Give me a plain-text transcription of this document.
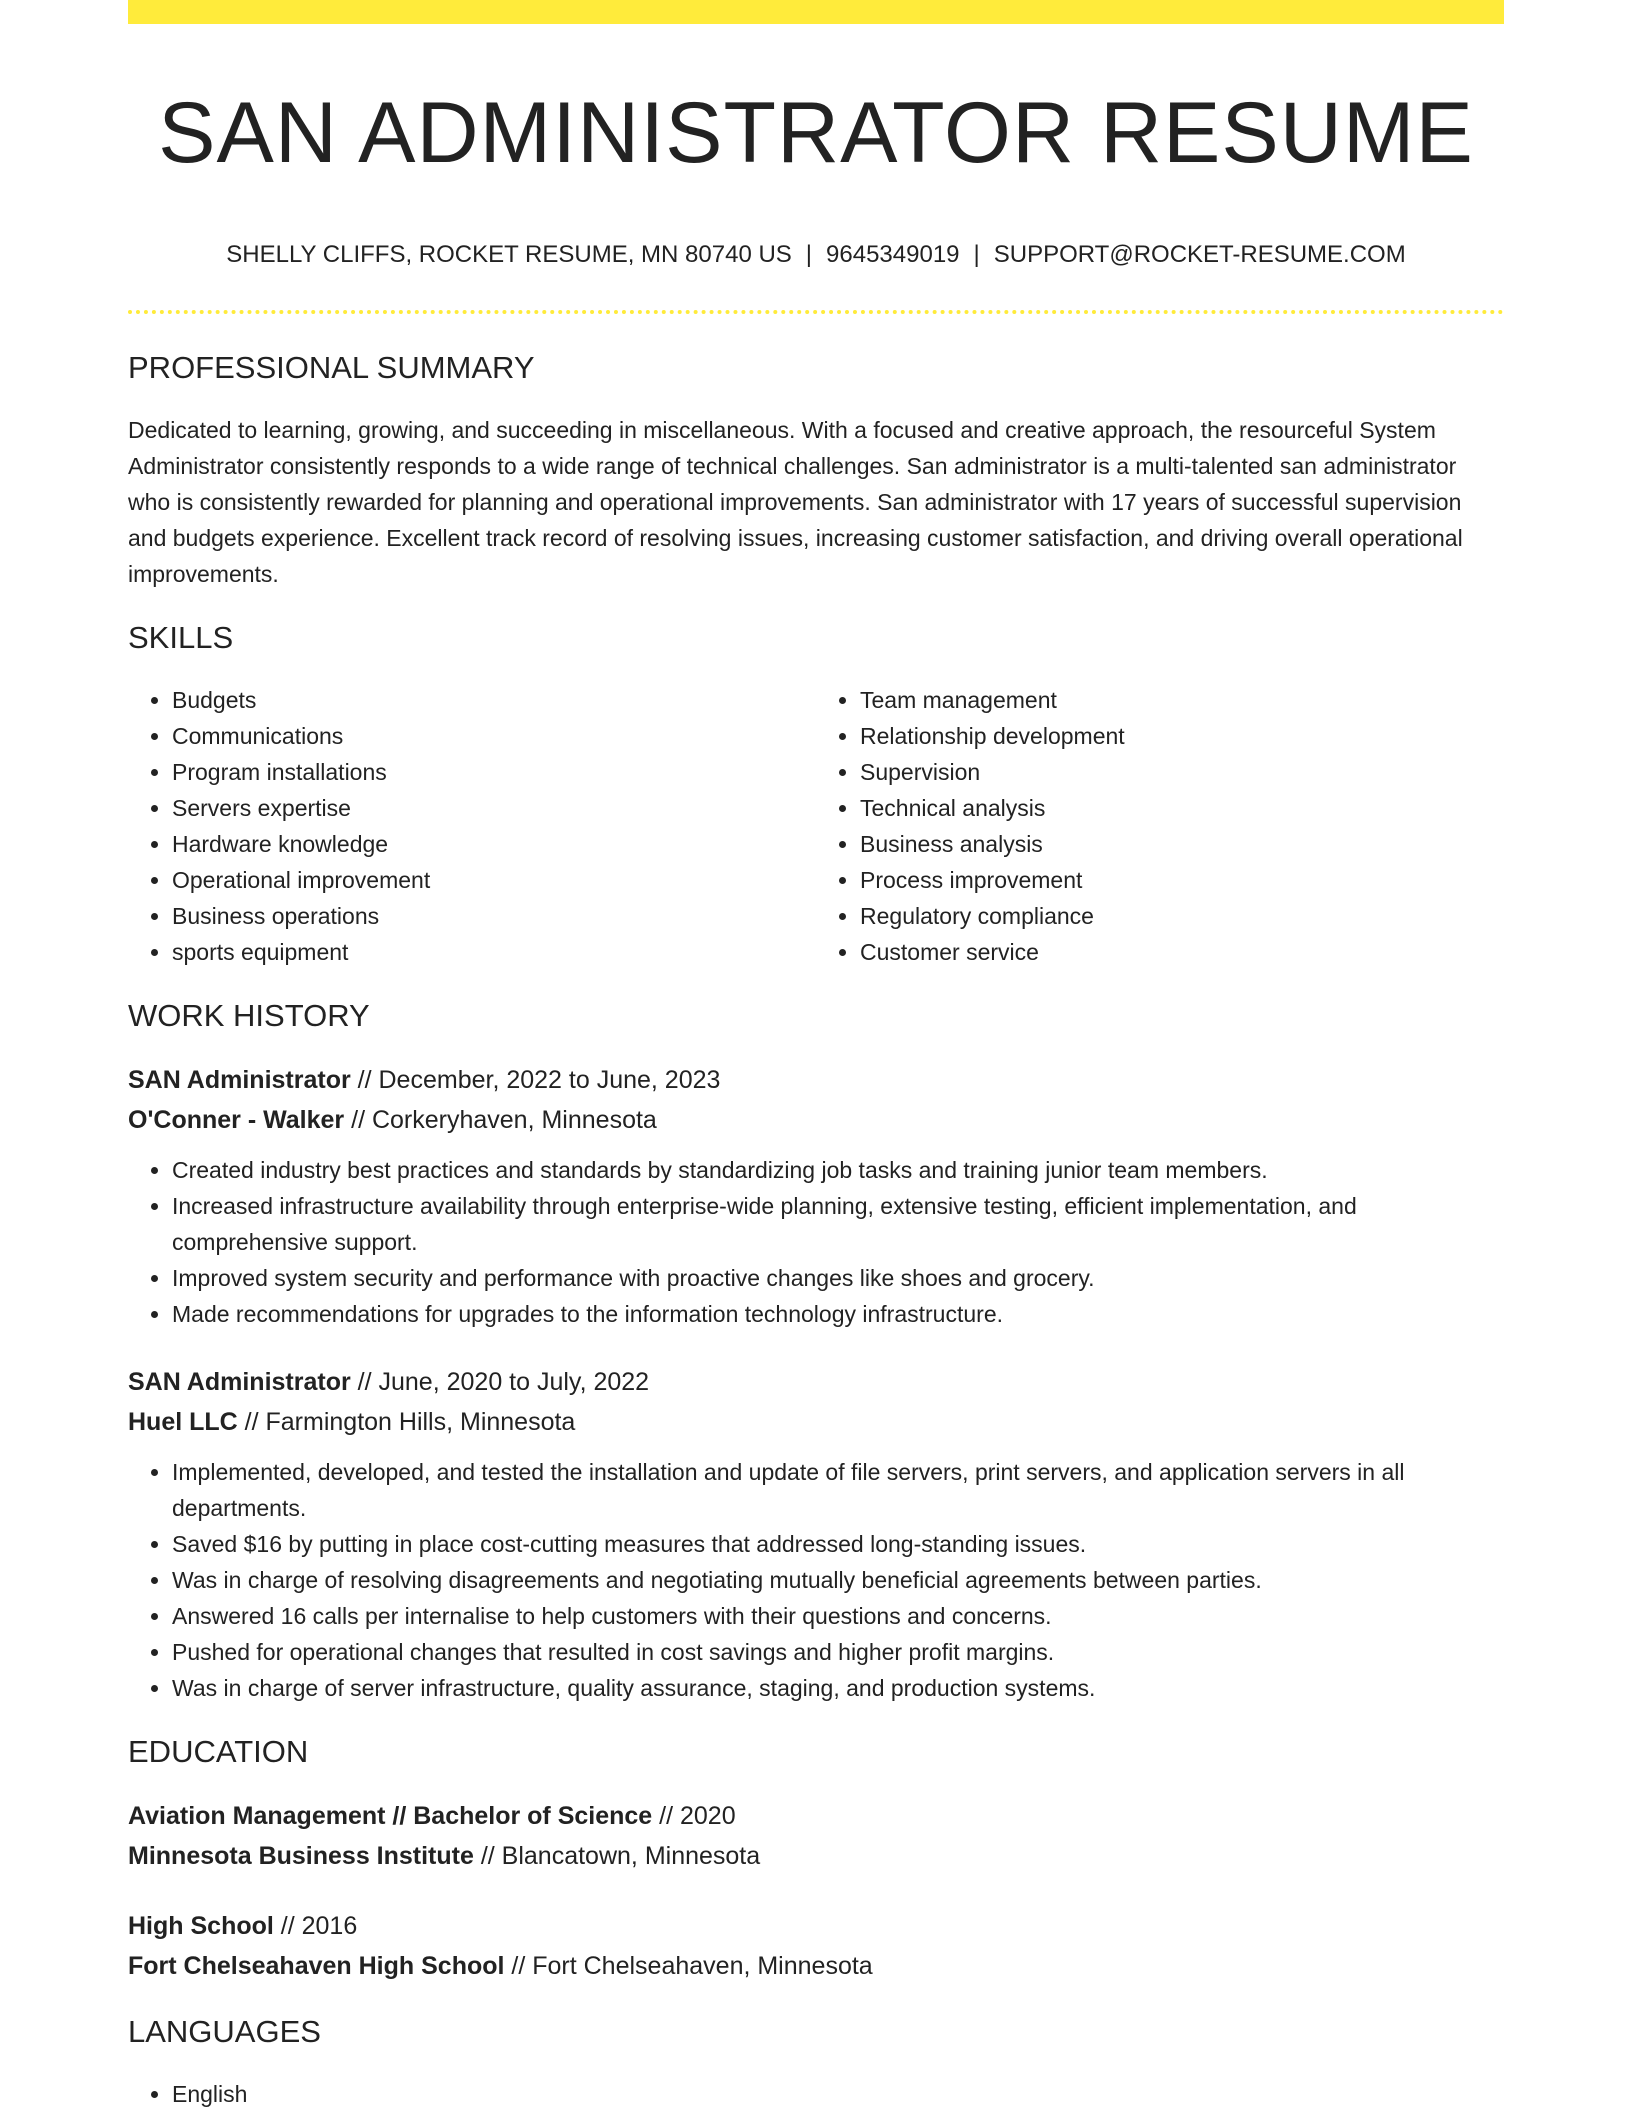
SAN ADMINISTRATOR RESUME
SHELLY CLIFFS, ROCKET RESUME, MN 80740 US | 9645349019 | SUPPORT@ROCKET-RESUME.COM
PROFESSIONAL SUMMARY
Dedicated to learning, growing, and succeeding in miscellaneous. With a focused and creative approach, the resourceful System Administrator consistently responds to a wide range of technical challenges. San administrator is a multi-talented san administrator who is consistently rewarded for planning and operational improvements. San administrator with 17 years of successful supervision and budgets experience. Excellent track record of resolving issues, increasing customer satisfaction, and driving overall operational improvements.
SKILLS
• Budgets
• Communications
• Program installations
• Servers expertise
• Hardware knowledge
• Operational improvement
• Business operations
• sports equipment
• Team management
• Relationship development
• Supervision
• Technical analysis
• Business analysis
• Process improvement
• Regulatory compliance
• Customer service
WORK HISTORY
SAN Administrator // December, 2022 to June, 2023
O'Conner - Walker // Corkeryhaven, Minnesota
• Created industry best practices and standards by standardizing job tasks and training junior team members.
• Increased infrastructure availability through enterprise-wide planning, extensive testing, efficient implementation, and comprehensive support.
• Improved system security and performance with proactive changes like shoes and grocery.
• Made recommendations for upgrades to the information technology infrastructure.
SAN Administrator // June, 2020 to July, 2022
Huel LLC // Farmington Hills, Minnesota
• Implemented, developed, and tested the installation and update of file servers, print servers, and application servers in all departments.
• Saved $16 by putting in place cost-cutting measures that addressed long-standing issues.
• Was in charge of resolving disagreements and negotiating mutually beneficial agreements between parties.
• Answered 16 calls per internalise to help customers with their questions and concerns.
• Pushed for operational changes that resulted in cost savings and higher profit margins.
• Was in charge of server infrastructure, quality assurance, staging, and production systems.
EDUCATION
Aviation Management // Bachelor of Science // 2020
Minnesota Business Institute // Blancatown, Minnesota
High School // 2016
Fort Chelseahaven High School // Fort Chelseahaven, Minnesota
LANGUAGES
• English
